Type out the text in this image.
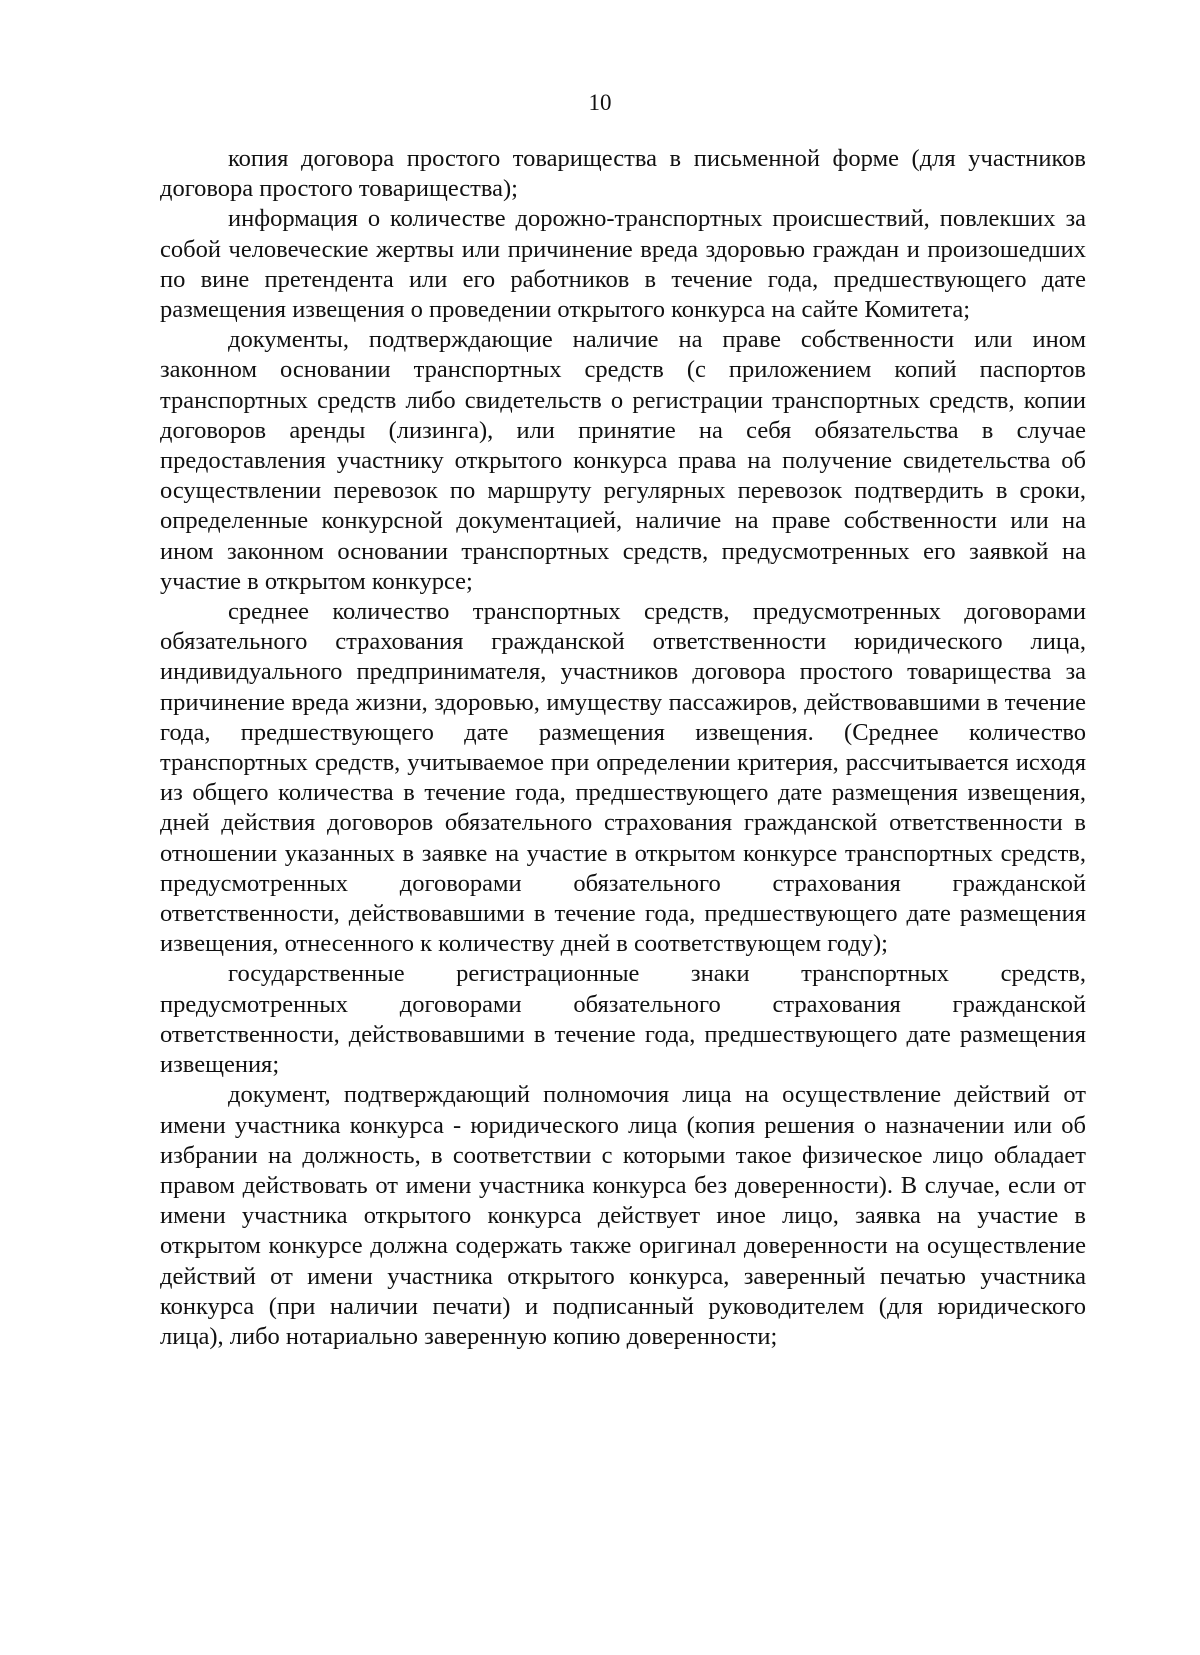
10

копия договора простого товарищества в письменной форме (для участников договора простого товарищества);

информация о количестве дорожно-транспортных происшествий, повлекших за собой человеческие жертвы или причинение вреда здоровью граждан и произошедших по вине претендента или его работников в течение года, предшествующего дате размещения извещения о проведении открытого конкурса на сайте Комитета;

документы, подтверждающие наличие на праве собственности или ином законном основании транспортных средств (с приложением копий паспортов транспортных средств либо свидетельств о регистрации транспортных средств, копии договоров аренды (лизинга), или принятие на себя обязательства в случае предоставления участнику открытого конкурса права на получение свидетельства об осуществлении перевозок по маршруту регулярных перевозок подтвердить в сроки, определенные конкурсной документацией, наличие на праве собственности или на ином законном основании транспортных средств, предусмотренных его заявкой на участие в открытом конкурсе;

среднее количество транспортных средств, предусмотренных договорами обязательного страхования гражданской ответственности юридического лица, индивидуального предпринимателя, участников договора простого товарищества за причинение вреда жизни, здоровью, имуществу пассажиров, действовавшими в течение года, предшествующего дате размещения извещения. (Среднее количество транспортных средств, учитываемое при определении критерия, рассчитывается исходя из общего количества в течение года, предшествующего дате размещения извещения, дней действия договоров обязательного страхования гражданской ответственности в отношении указанных в заявке на участие в открытом конкурсе транспортных средств, предусмотренных договорами обязательного страхования гражданской ответственности, действовавшими в течение года, предшествующего дате размещения извещения, отнесенного к количеству дней в соответствующем году);

государственные регистрационные знаки транспортных средств, предусмотренных договорами обязательного страхования гражданской ответственности, действовавшими в течение года, предшествующего дате размещения извещения;

документ, подтверждающий полномочия лица на осуществление действий от имени участника конкурса - юридического лица (копия решения о назначении или об избрании на должность, в соответствии с которыми такое физическое лицо обладает правом действовать от имени участника конкурса без доверенности). В случае, если от имени участника открытого конкурса действует иное лицо, заявка на участие в открытом конкурсе должна содержать также оригинал доверенности на осуществление действий от имени участника открытого конкурса, заверенный печатью участника конкурса (при наличии печати) и подписанный руководителем (для юридического лица), либо нотариально заверенную копию доверенности;
